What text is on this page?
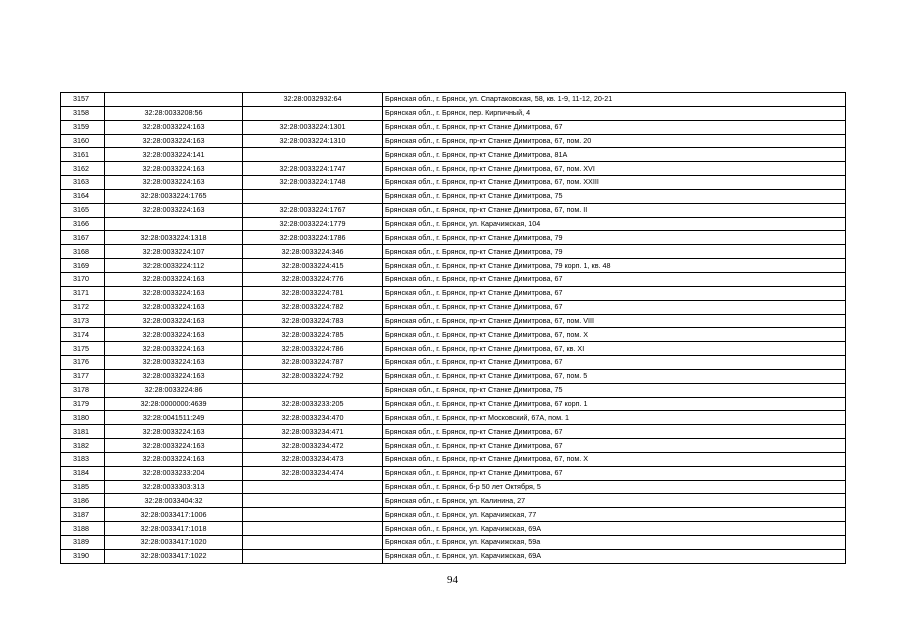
3157		32:28:0032932:64	Брянская обл., г. Брянск, ул. Спартаковская, 58, кв. 1-9, 11-12, 20-21
3158	32:28:0033208:56		Брянская обл., г. Брянск, пер. Кирпичный, 4
3159	32:28:0033224:163	32:28:0033224:1301	Брянская обл., г. Брянск, пр-кт Станке Димитрова, 67
3160	32:28:0033224:163	32:28:0033224:1310	Брянская обл., г. Брянск, пр-кт Станке Димитрова, 67, пом. 20
3161	32:28:0033224:141		Брянская обл., г. Брянск, пр-кт Станке Димитрова, 81А
3162	32:28:0033224:163	32:28:0033224:1747	Брянская обл., г. Брянск, пр-кт Станке Димитрова, 67, пом. XVI
3163	32:28:0033224:163	32:28:0033224:1748	Брянская обл., г. Брянск, пр-кт Станке Димитрова, 67, пом. XXIII
3164	32:28:0033224:1765		Брянская обл., г. Брянск, пр-кт Станке Димитрова, 75
3165	32:28:0033224:163	32:28:0033224:1767	Брянская обл., г. Брянск, пр-кт Станке Димитрова, 67, пом. II
3166		32:28:0033224:1779	Брянская обл., г. Брянск, ул. Карачижская, 104
3167	32:28:0033224:1318	32:28:0033224:1786	Брянская обл., г. Брянск, пр-кт Станке Димитрова, 79
3168	32:28:0033224:107	32:28:0033224:346	Брянская обл., г. Брянск, пр-кт Станке Димитрова, 79
3169	32:28:0033224:112	32:28:0033224:415	Брянская обл., г. Брянск, пр-кт Станке Димитрова, 79 корп. 1, кв. 48
3170	32:28:0033224:163	32:28:0033224:776	Брянская обл., г. Брянск, пр-кт Станке Димитрова, 67
3171	32:28:0033224:163	32:28:0033224:781	Брянская обл., г. Брянск, пр-кт Станке Димитрова, 67
3172	32:28:0033224:163	32:28:0033224:782	Брянская обл., г. Брянск, пр-кт Станке Димитрова, 67
3173	32:28:0033224:163	32:28:0033224:783	Брянская обл., г. Брянск, пр-кт Станке Димитрова, 67, пом. VIII
3174	32:28:0033224:163	32:28:0033224:785	Брянская обл., г. Брянск, пр-кт Станке Димитрова, 67, пом. X
3175	32:28:0033224:163	32:28:0033224:786	Брянская обл., г. Брянск, пр-кт Станке Димитрова, 67, кв. XI
3176	32:28:0033224:163	32:28:0033224:787	Брянская обл., г. Брянск, пр-кт Станке Димитрова, 67
3177	32:28:0033224:163	32:28:0033224:792	Брянская обл., г. Брянск, пр-кт Станке Димитрова, 67, пом. 5
3178	32:28:0033224:86		Брянская обл., г. Брянск, пр-кт Станке Димитрова, 75
3179	32:28:0000000:4639	32:28:0033233:205	Брянская обл., г. Брянск, пр-кт Станке Димитрова, 67 корп. 1
3180	32:28:0041511:249	32:28:0033234:470	Брянская обл., г. Брянск, пр-кт Московский, 67А, пом. 1
3181	32:28:0033224:163	32:28:0033234:471	Брянская обл., г. Брянск, пр-кт Станке Димитрова, 67
3182	32:28:0033224:163	32:28:0033234:472	Брянская обл., г. Брянск, пр-кт Станке Димитрова, 67
3183	32:28:0033224:163	32:28:0033234:473	Брянская обл., г. Брянск, пр-кт Станке Димитрова, 67, пом. X
3184	32:28:0033233:204	32:28:0033234:474	Брянская обл., г. Брянск, пр-кт Станке Димитрова, 67
3185	32:28:0033303:313		Брянская обл., г. Брянск, б-р 50 лет Октября, 5
3186	32:28:0033404:32		Брянская обл., г. Брянск, ул. Калинина, 27
3187	32:28:0033417:1006		Брянская обл., г. Брянск, ул. Карачижская, 77
3188	32:28:0033417:1018		Брянская обл., г. Брянск, ул. Карачижская, 69А
3189	32:28:0033417:1020		Брянская обл., г. Брянск, ул. Карачижская, 59а
3190	32:28:0033417:1022		Брянская обл., г. Брянск, ул. Карачижская, 69А
94
